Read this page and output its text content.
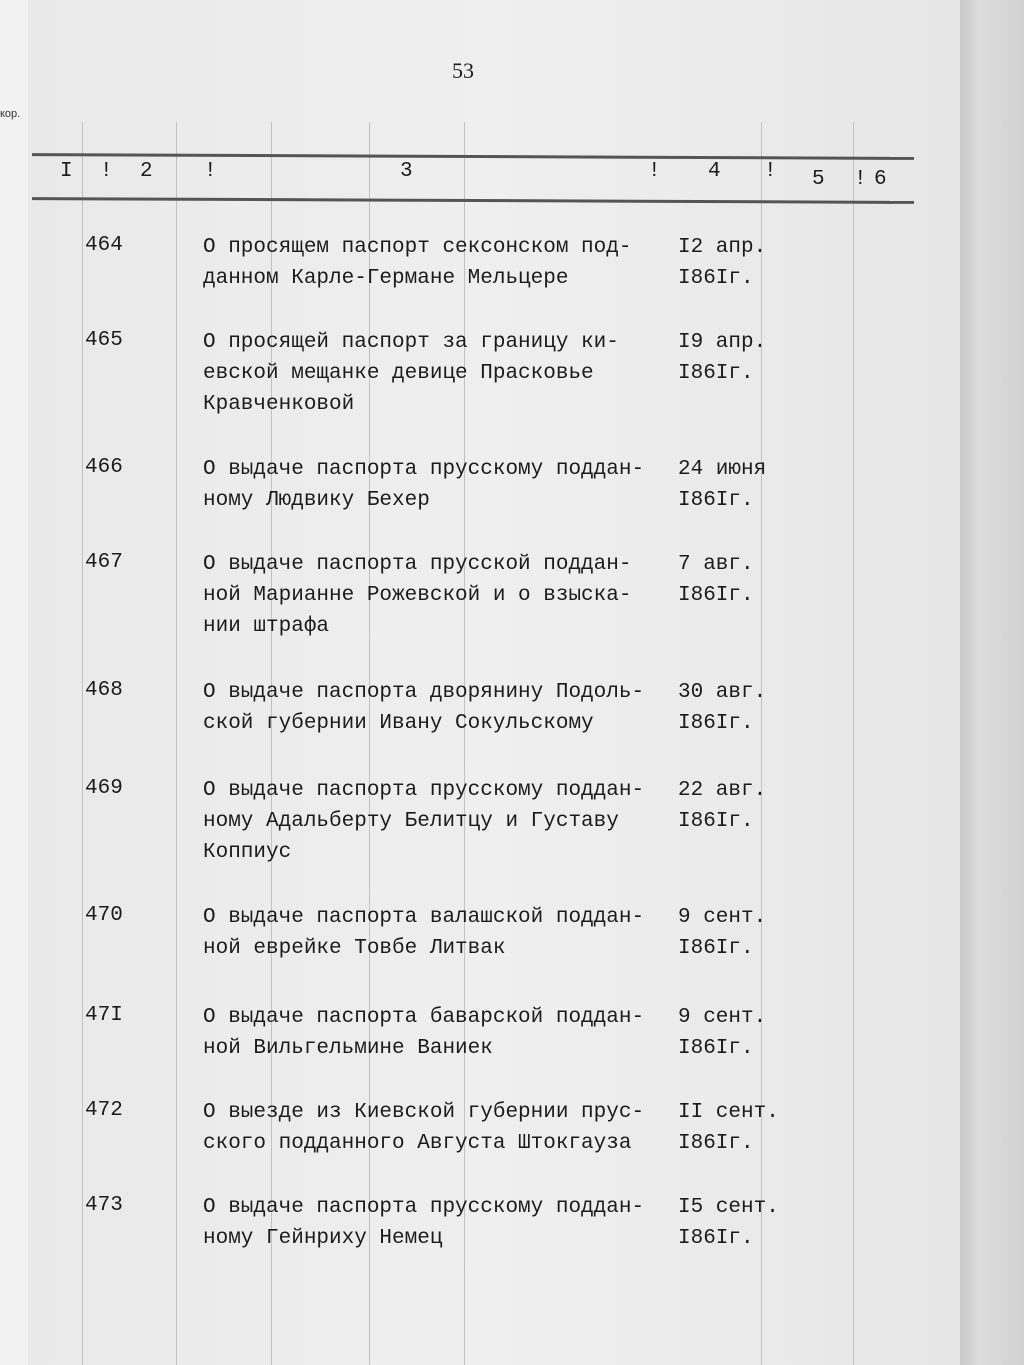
кор.
53
I ! 2 !	3	! 4 ! 5 ! 6
464	О просящем паспорт сексонском под-
данном Карле-Германе Мельцере
I2 апр.
I86Iг.
465	О просящей паспорт за границу ки-
евской мещанке девице Прасковье
Кравченковой
I9 апр.
I86Iг.
466	О выдаче паспорта прусскому поддан-
ному Людвику Бехер
24 июня
I86Iг.
467	О выдаче паспорта прусской поддан-
ной Марианне Рожевской и о взыска-
нии штрафа
7 авг.
I86Iг.
468	О выдаче паспорта дворянину Подоль-
ской губернии Ивану Сокульскому
30 авг.
I86Iг.
469	О выдаче паспорта прусскому поддан-
ному Адальберту Белитцу и Густаву
Коппиус
22 авг.
I86Iг.
470	О выдаче паспорта валашской поддан-
ной еврейке Товбе Литвак
9 сент.
I86Iг.
47I	О выдаче паспорта баварской поддан-
ной Вильгельмине Ваниек
9 сент.
I86Iг.
472	О выезде из Киевской губернии прус-
ского подданного Августа Штокгауза
II сент.
I86Iг.
473	О выдаче паспорта прусскому поддан-
ному Гейнриху Немец
I5 сент.
I86Iг.
